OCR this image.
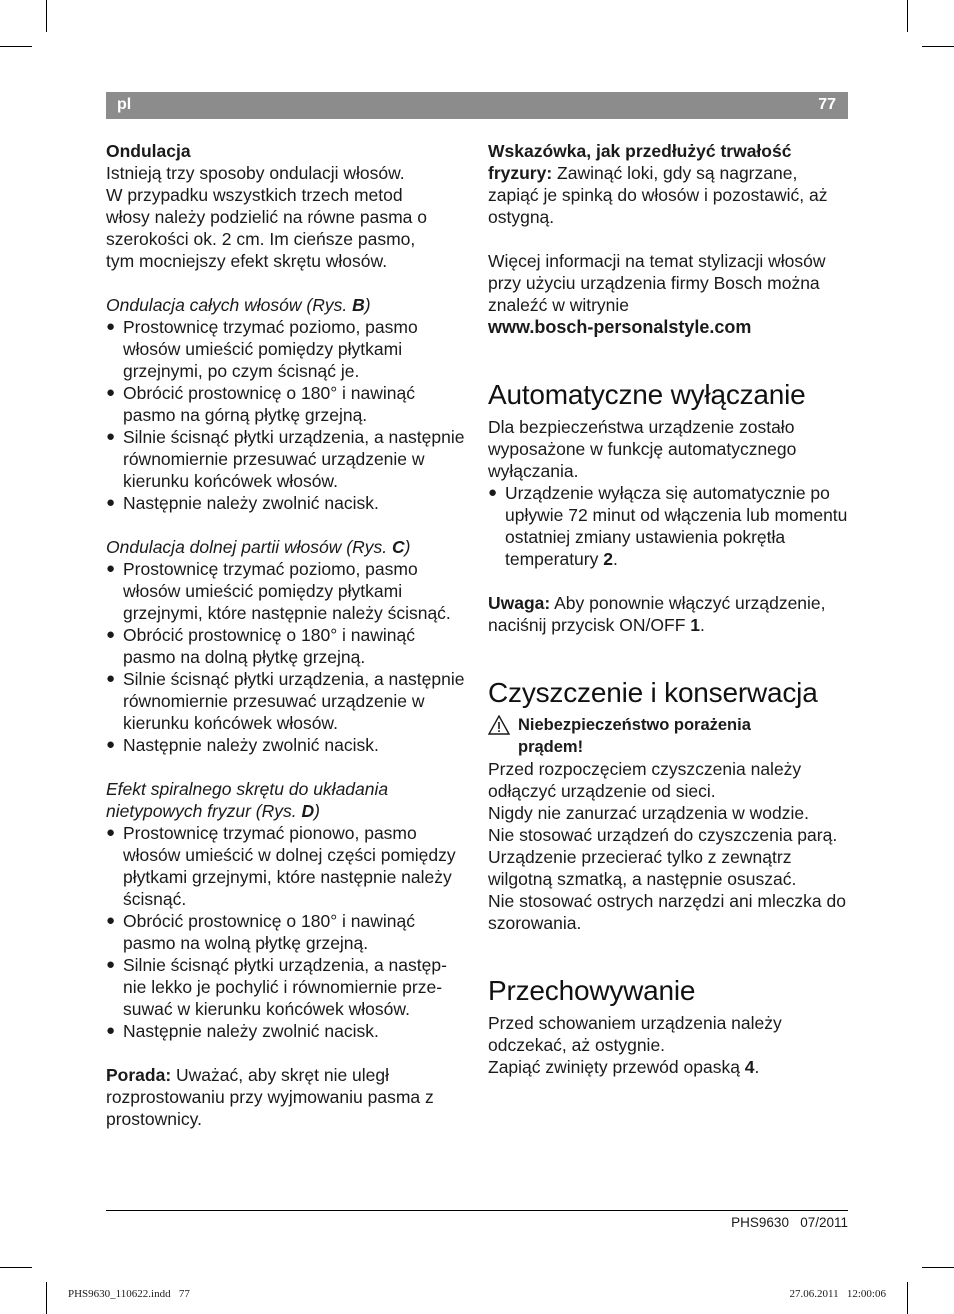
pl	77

Ondulacja

Istnieją trzy sposoby ondulacji włosów.

W przypadku wszystkich trzech metod

włosy należy podzielić na równe pasma o

szerokości ok. 2 cm. Im cieńsze pasmo,

tym mocniejszy efekt skrętu włosów.

Ondulacja całych włosów (Rys. B)

● Prostownicę trzymać poziomo, pasmo włosów umieścić pomiędzy płytkami grzejnymi, po czym ścisnąć je.
● Obrócić prostownicę o 180° i nawinąć pasmo na górną płytkę grzejną.
● Silnie ścisnąć płytki urządzenia, a następnie równomiernie przesuwać urządzenie w kierunku końcówek włosów.
● Następnie należy zwolnić nacisk.

Ondulacja dolnej partii włosów (Rys. C)

● Prostownicę trzymać poziomo, pasmo włosów umieścić pomiędzy płytkami grzejnymi, które następnie należy ścisnąć.
● Obrócić prostownicę o 180° i nawinąć pasmo na dolną płytkę grzejną.
● Silnie ścisnąć płytki urządzenia, a następnie równomiernie przesuwać urządzenie w kierunku końcówek włosów.
● Następnie należy zwolnić nacisk.

Efekt spiralnego skrętu do układania
nietypowych fryzur (Rys. D)

● Prostownicę trzymać pionowo, pasmo włosów umieścić w dolnej części pomiędzy płytkami grzejnymi, które następnie należy ścisnąć.
● Obrócić prostownicę o 180° i nawinąć pasmo na wolną płytkę grzejną.
● Silnie ścisnąć płytki urządzenia, a następ-nie lekko je pochylić i równomiernie prze-suwać w kierunku końcówek włosów.
● Następnie należy zwolnić nacisk.

Porada: Uważać, aby skręt nie uległ rozprostowaniu przy wyjmowaniu pasma z prostownicy.

Wskazówka, jak przedłużyć trwałość fryzury: Zawinąć loki, gdy są nagrzane, zapiąć je spinką do włosów i pozostawić, aż ostygną.

Więcej informacji na temat stylizacji włosów przy użyciu urządzenia firmy Bosch można znaleźć w witrynie

www.bosch-personalstyle.com

Automatyczne wyłączanie

Dla bezpieczeństwa urządzenie zostało wyposażone w funkcję automatycznego wyłączania.

● Urządzenie wyłącza się automatycznie po upływie 72 minut od włączenia lub momentu ostatniej zmiany ustawienia pokrętła temperatury 2.

Uwaga: Aby ponownie włączyć urządzenie, naciśnij przycisk ON/OFF 1.

Czyszczenie i konserwacja
Niebezpieczeństwo porażenia
prądem!

Przed rozpoczęciem czyszczenia należy odłączyć urządzenie od sieci.

Nigdy nie zanurzać urządzenia w wodzie.

Nie stosować urządzeń do czyszczenia parą.

Urządzenie przecierać tylko z zewnątrz wilgotną szmatką, a następnie osuszać.

Nie stosować ostrych narzędzi ani mleczka do szorowania.

Przechowywanie

Przed schowaniem urządzenia należy odczekać, aż ostygnie.

Zapiąć zwinięty przewód opaską 4.

PHS9630   07/2011
PHS9630_110622.indd   77	27.06.2011   12:00:06
